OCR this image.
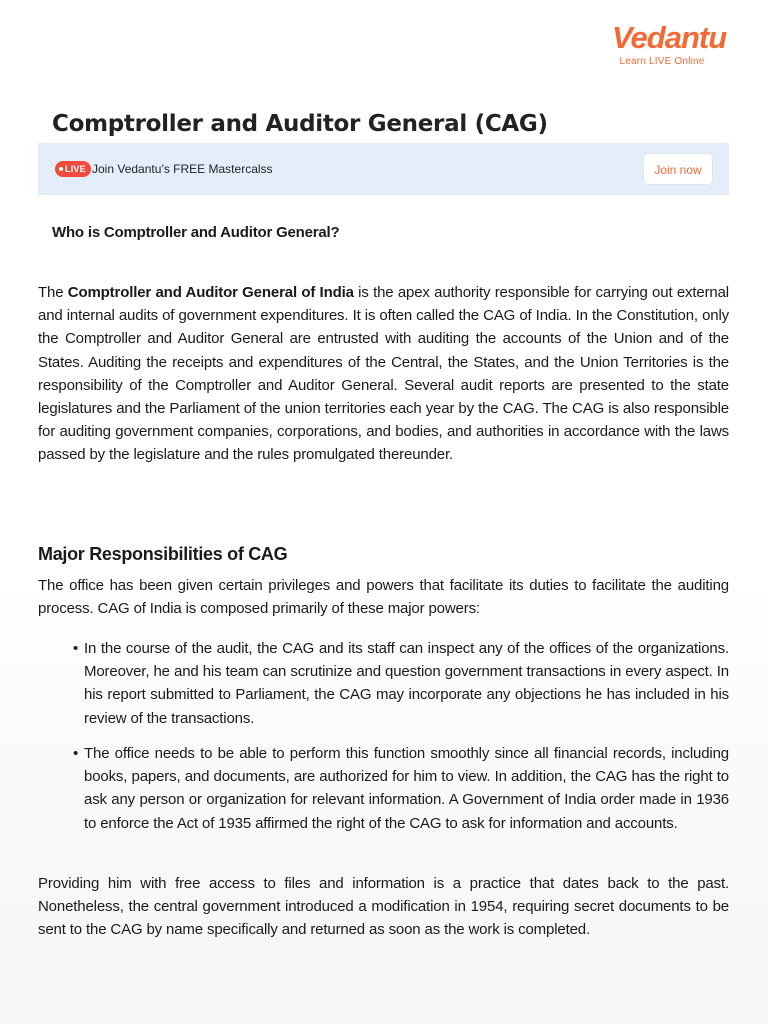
Vedantu
Learn LIVE Online
Comptroller and Auditor General (CAG)
LIVE Join Vedantu’s FREE Mastercalss	Join now
Who is Comptroller and Auditor General?
The Comptroller and Auditor General of India is the apex authority responsible for carrying out external and internal audits of government expenditures. It is often called the CAG of India. In the Constitution, only the Comptroller and Auditor General are entrusted with auditing the accounts of the Union and of the States. Auditing the receipts and expenditures of the Central, the States, and the Union Territories is the responsibility of the Comptroller and Auditor General. Several audit reports are presented to the state legislatures and the Parliament of the union territories each year by the CAG. The CAG is also responsible for auditing government companies, corporations, and bodies, and authorities in accordance with the laws passed by the legislature and the rules promulgated thereunder.
Major Responsibilities of CAG
The office has been given certain privileges and powers that facilitate its duties to facilitate the auditing process. CAG of India is composed primarily of these major powers:
• In the course of the audit, the CAG and its staff can inspect any of the offices of the organizations. Moreover, he and his team can scrutinize and question government transactions in every aspect. In his report submitted to Parliament, the CAG may incorporate any objections he has included in his review of the transactions.
• The office needs to be able to perform this function smoothly since all financial records, including books, papers, and documents, are authorized for him to view. In addition, the CAG has the right to ask any person or organization for relevant information. A Government of India order made in 1936 to enforce the Act of 1935 affirmed the right of the CAG to ask for information and accounts.
Providing him with free access to files and information is a practice that dates back to the past. Nonetheless, the central government introduced a modification in 1954, requiring secret documents to be sent to the CAG by name specifically and returned as soon as the work is completed.
